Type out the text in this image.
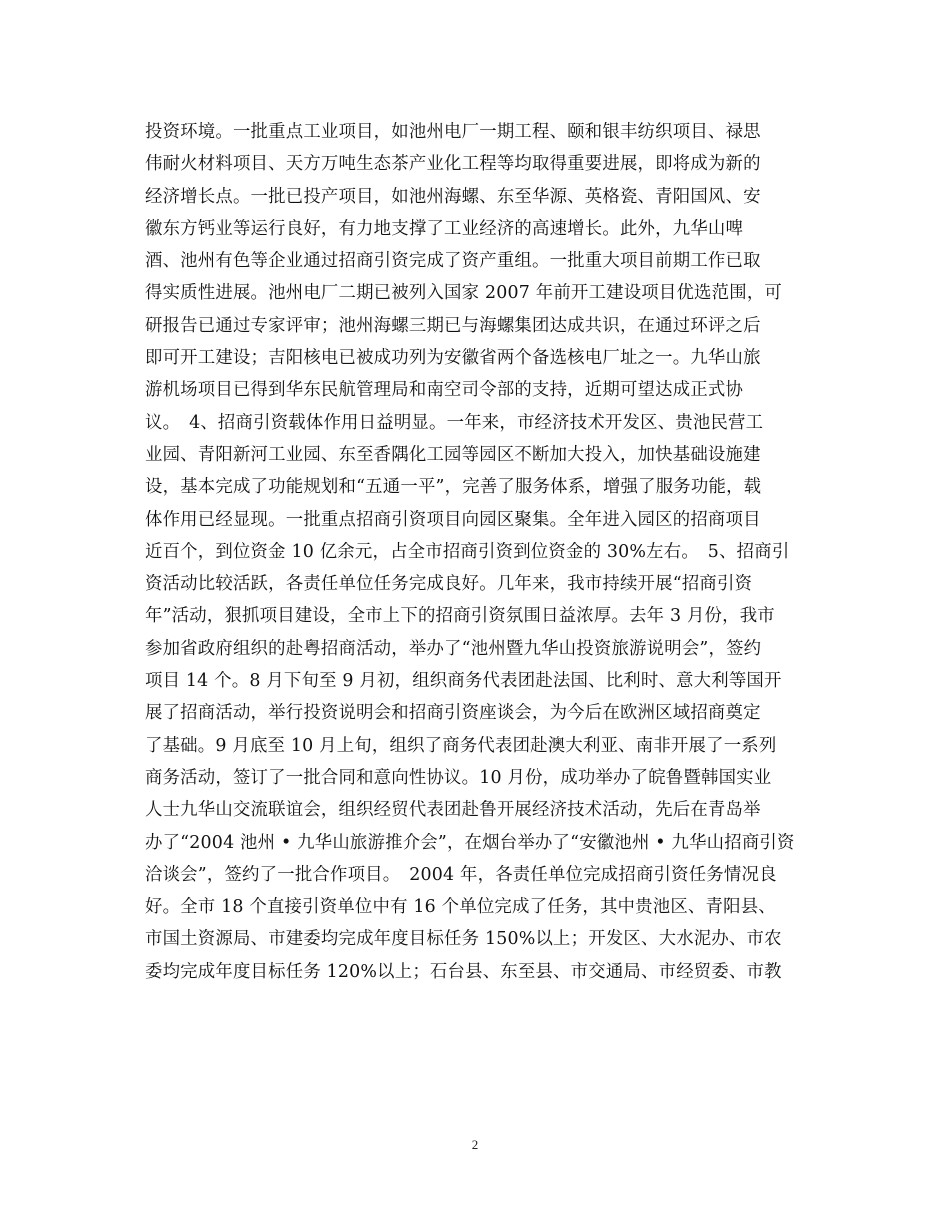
投资环境。一批重点工业项目，如池州电厂一期工程、颐和银丰纺织项目、禄思
伟耐火材料项目、天方万吨生态茶产业化工程等均取得重要进展，即将成为新的
经济增长点。一批已投产项目，如池州海螺、东至华源、英格瓷、青阳国风、安
徽东方钙业等运行良好，有力地支撑了工业经济的高速增长。此外，九华山啤
酒、池州有色等企业通过招商引资完成了资产重组。一批重大项目前期工作已取
得实质性进展。池州电厂二期已被列入国家 2007 年前开工建设项目优选范围，可
研报告已通过专家评审；池州海螺三期已与海螺集团达成共识，在通过环评之后
即可开工建设；吉阳核电已被成功列为安徽省两个备选核电厂址之一。九华山旅
游机场项目已得到华东民航管理局和南空司令部的支持，近期可望达成正式协
议。　4、招商引资载体作用日益明显。一年来，市经济技术开发区、贵池民营工
业园、青阳新河工业园、东至香隅化工园等园区不断加大投入，加快基础设施建
设，基本完成了功能规划和“五通一平”，完善了服务体系，增强了服务功能，载
体作用已经显现。一批重点招商引资项目向园区聚集。全年进入园区的招商项目
近百个，到位资金 10 亿余元，占全市招商引资到位资金的 30%左右。　5、招商引
资活动比较活跃，各责任单位任务完成良好。几年来，我市持续开展“招商引资
年”活动，狠抓项目建设，全市上下的招商引资氛围日益浓厚。去年 3 月份，我市
参加省政府组织的赴粤招商活动，举办了“池州暨九华山投资旅游说明会”，签约
项目 14 个。8 月下旬至 9 月初，组织商务代表团赴法国、比利时、意大利等国开
展了招商活动，举行投资说明会和招商引资座谈会，为今后在欧洲区域招商奠定
了基础。9 月底至 10 月上旬，组织了商务代表团赴澳大利亚、南非开展了一系列
商务活动，签订了一批合同和意向性协议。10 月份，成功举办了皖鲁暨韩国实业
人士九华山交流联谊会，组织经贸代表团赴鲁开展经济技术活动，先后在青岛举
办了“2004 池州 • 九华山旅游推介会”，在烟台举办了“安徽池州 • 九华山招商引资
洽谈会”，签约了一批合作项目。　2004 年，各责任单位完成招商引资任务情况良
好。全市 18 个直接引资单位中有 16 个单位完成了任务，其中贵池区、青阳县、
市国土资源局、市建委均完成年度目标任务 150%以上；开发区、大水泥办、市农
委均完成年度目标任务 120%以上；石台县、东至县、市交通局、市经贸委、市教
2
